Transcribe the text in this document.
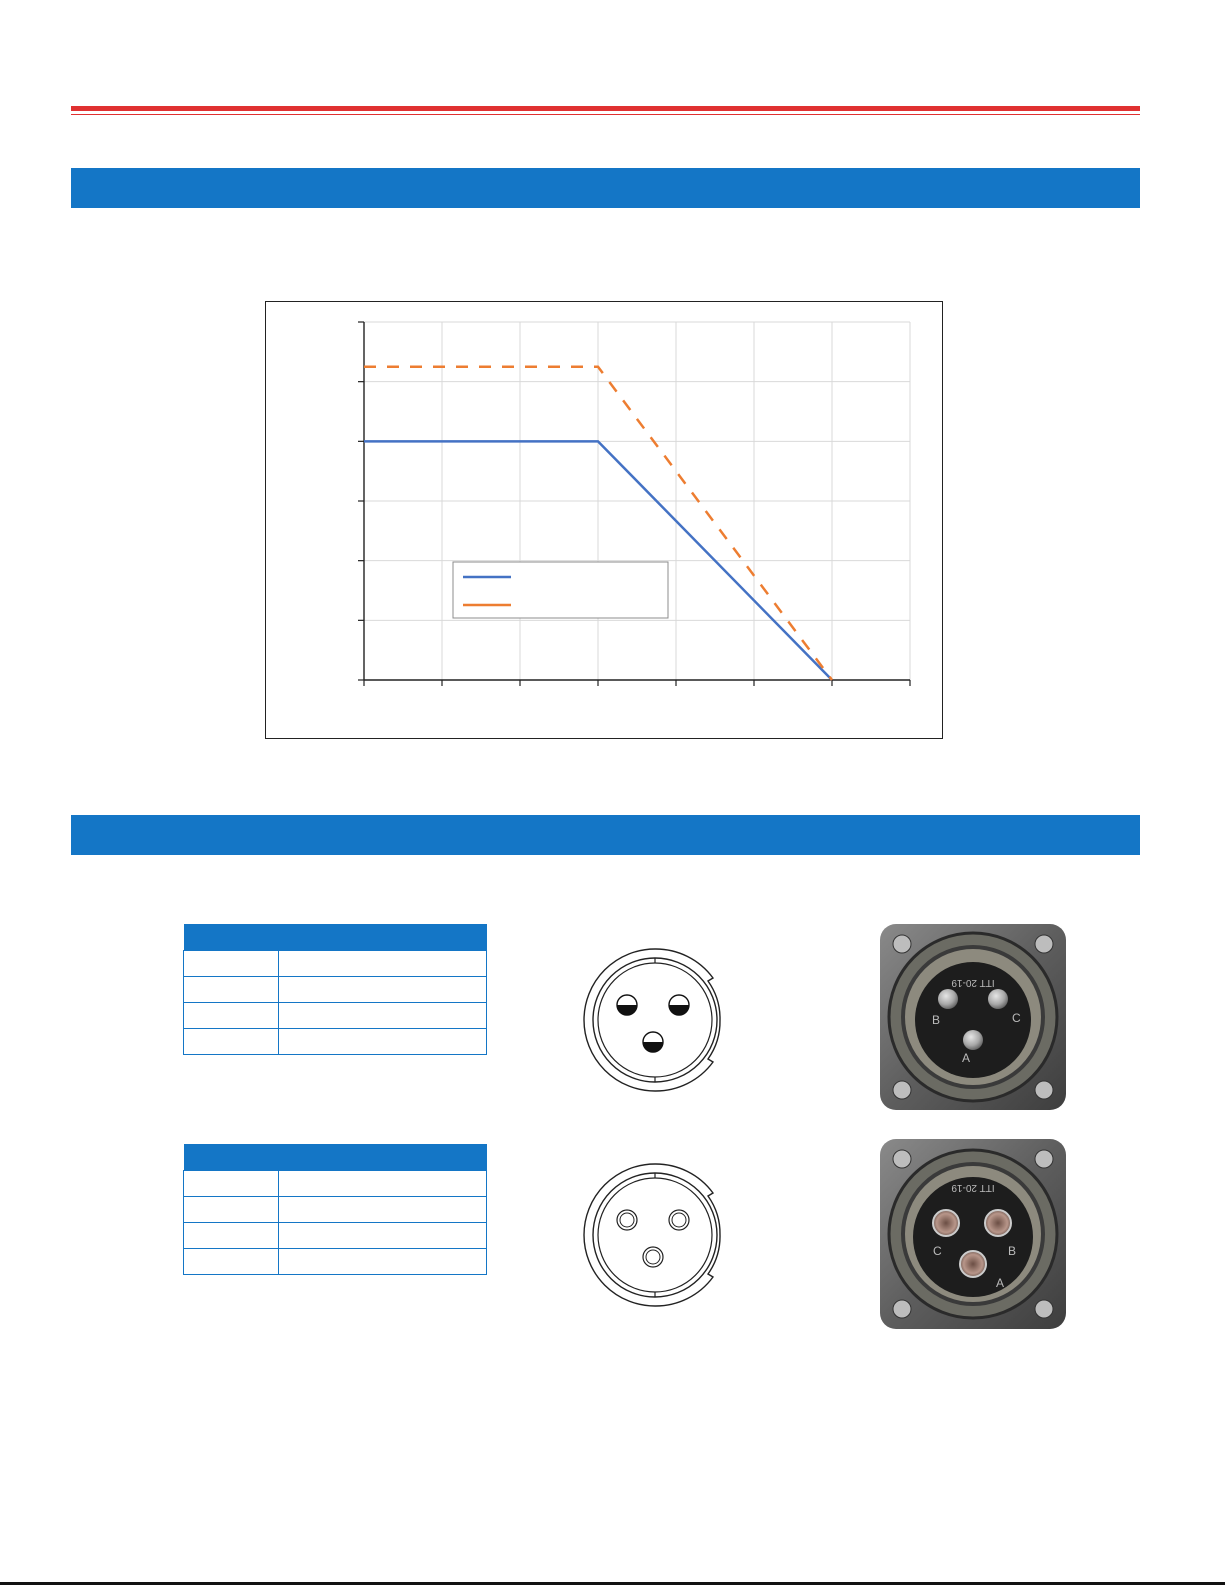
ITT 20-19
B	C
A
ITT 20-19
C	B
A
